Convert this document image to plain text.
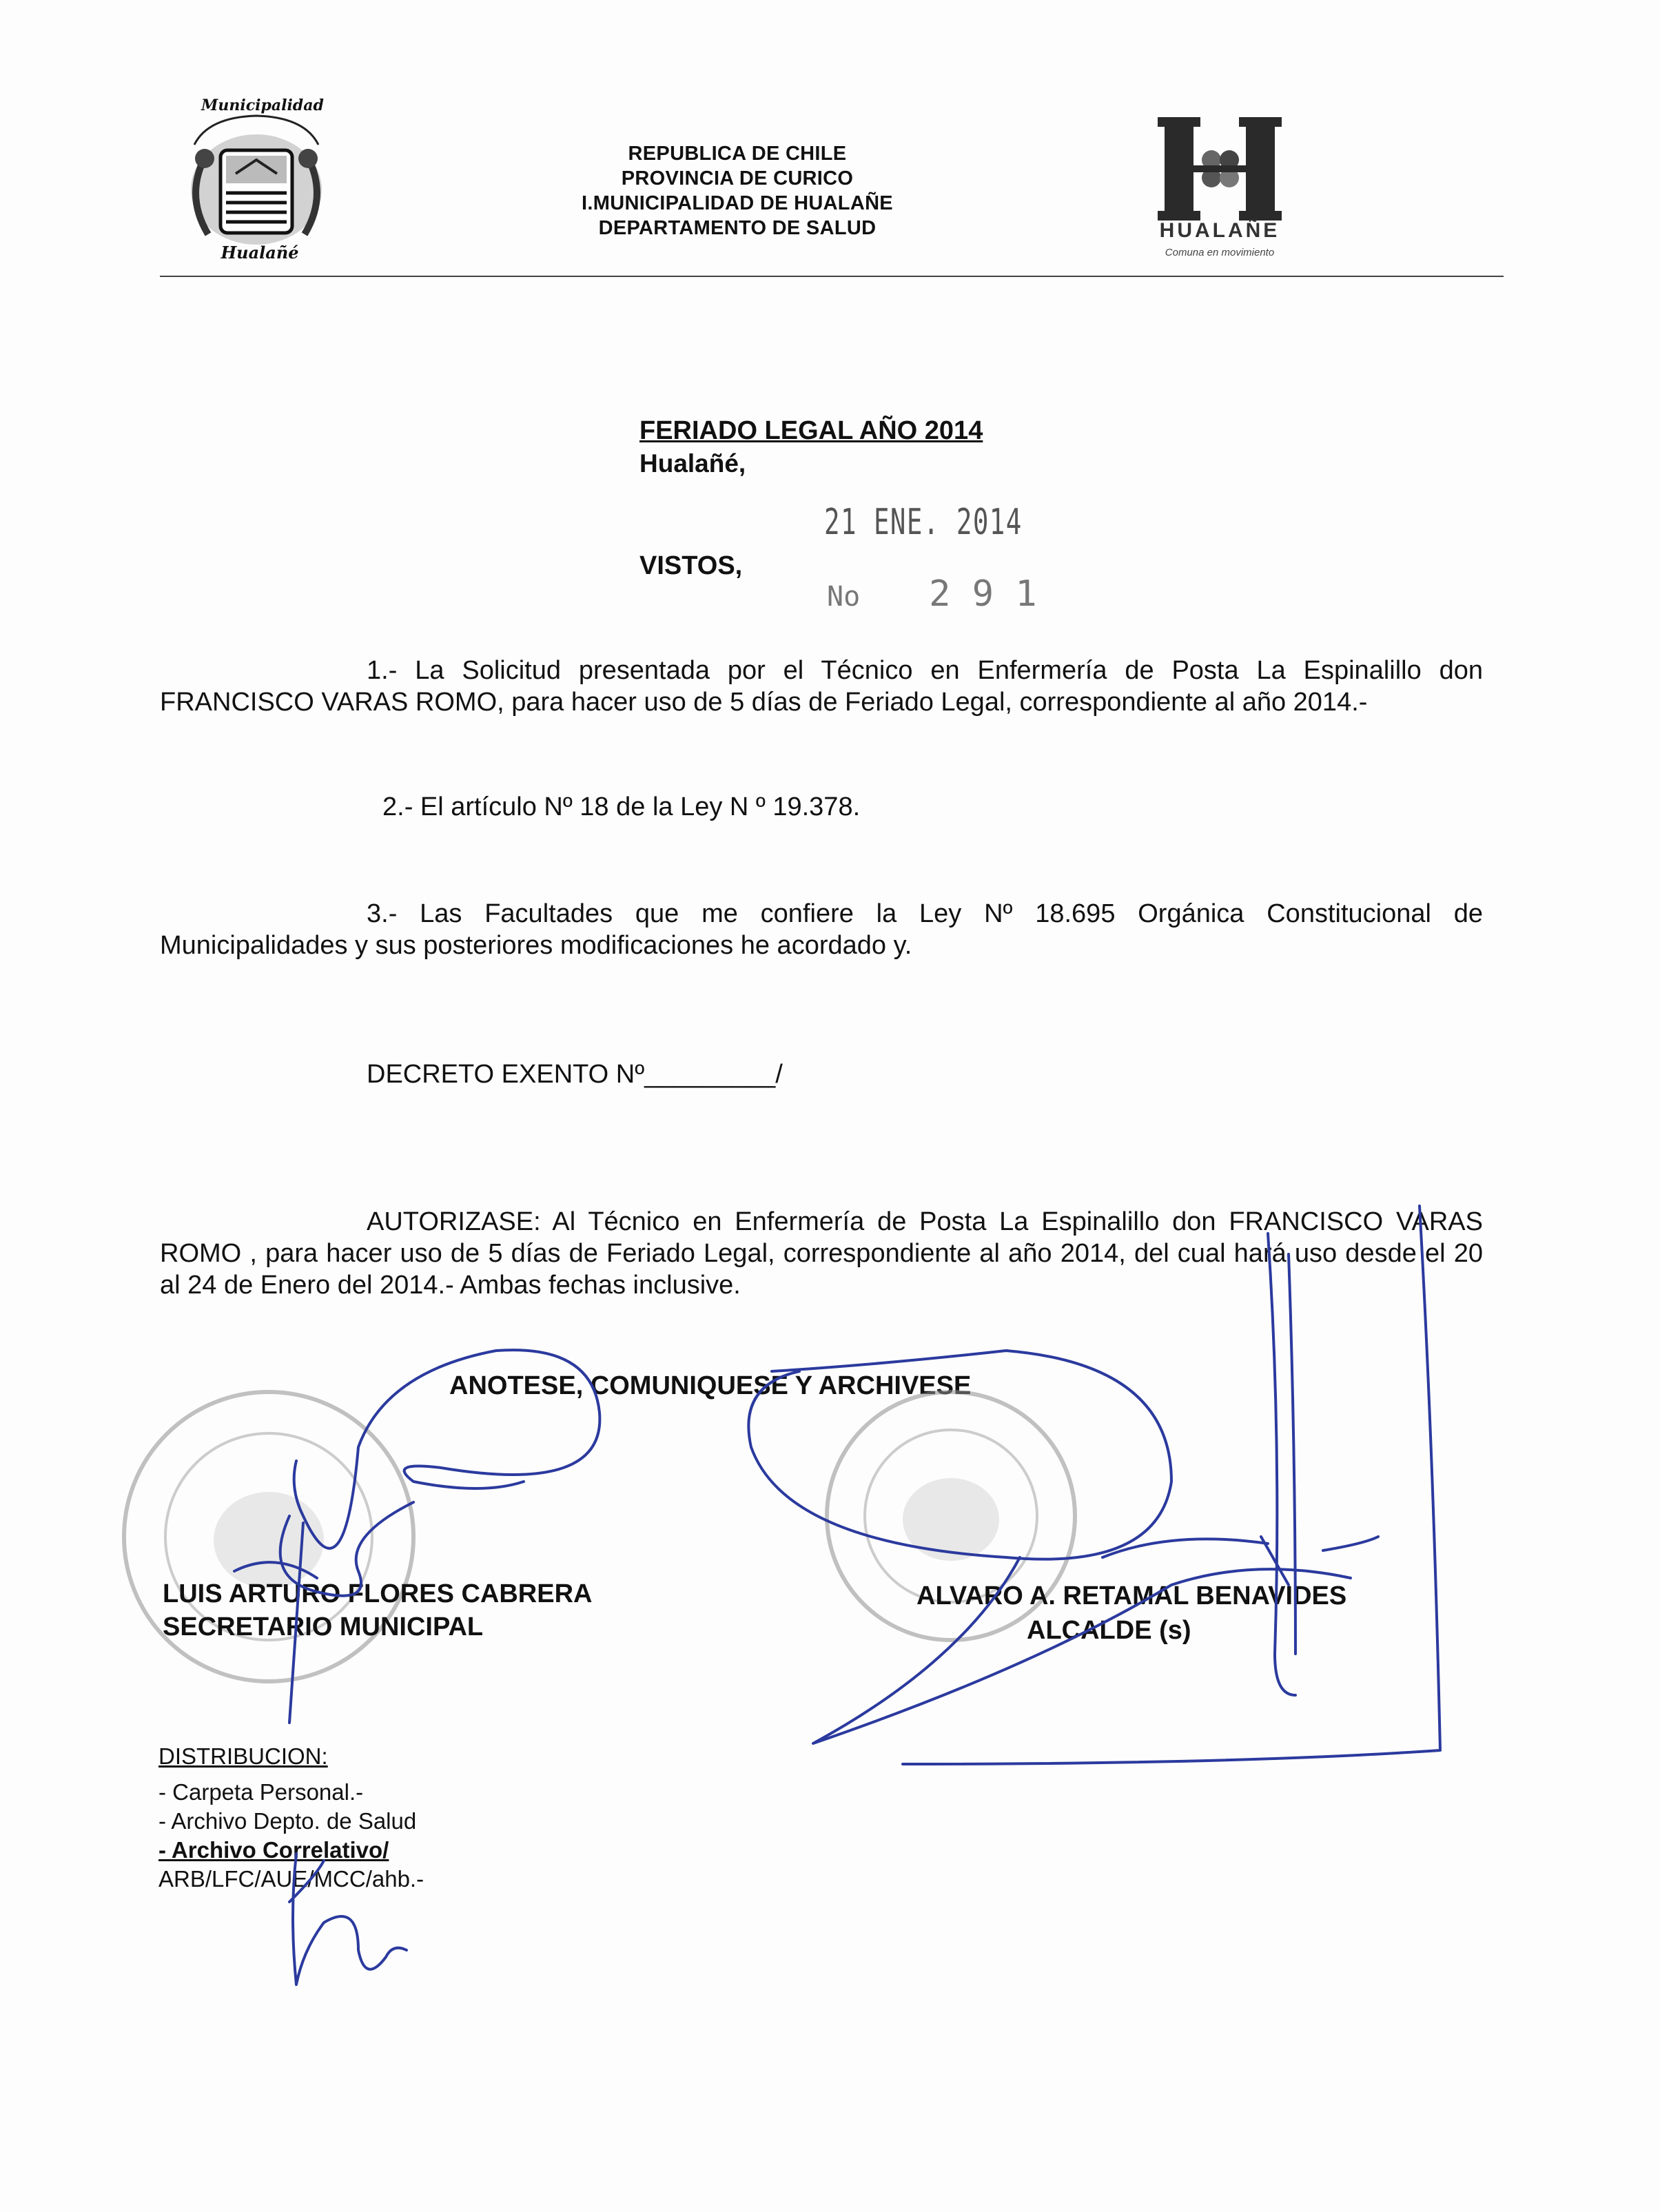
Municipalidad
Hualañé
REPUBLICA DE CHILE
PROVINCIA DE CURICO
I.MUNICIPALIDAD DE HUALAÑE
DEPARTAMENTO DE SALUD	HUALAÑE
Comuna en movimiento
FERIADO LEGAL AÑO 2014
Hualañé,
21 ENE. 2014
VISTOS,
No 2 9 1
1.- La Solicitud presentada por el Técnico en Enfermería de Posta La Espinalillo don FRANCISCO VARAS ROMO, para hacer uso de 5 días de Feriado Legal, correspondiente al año 2014.-
2.- El artículo Nº 18 de la Ley N º 19.378.
3.- Las Facultades que me confiere la Ley Nº 18.695 Orgánica Constitucional de Municipalidades y sus posteriores modificaciones he acordado y.
DECRETO EXENTO Nº_________/
AUTORIZASE: Al Técnico en Enfermería de Posta La Espinalillo don FRANCISCO VARAS ROMO , para hacer uso de 5 días de Feriado Legal, correspondiente al año 2014, del cual hará uso desde el 20 al 24 de Enero del 2014.- Ambas fechas inclusive.
ANOTESE, COMUNIQUESE Y ARCHIVESE
LUIS ARTURO FLORES CABRERA
SECRETARIO MUNICIPAL
ALVARO A. RETAMAL BENAVIDES
ALCALDE (s)
DISTRIBUCION:
- Carpeta Personal.-
- Archivo Depto. de Salud
- Archivo Correlativo/
ARB/LFC/AUE/MCC/ahb.-
